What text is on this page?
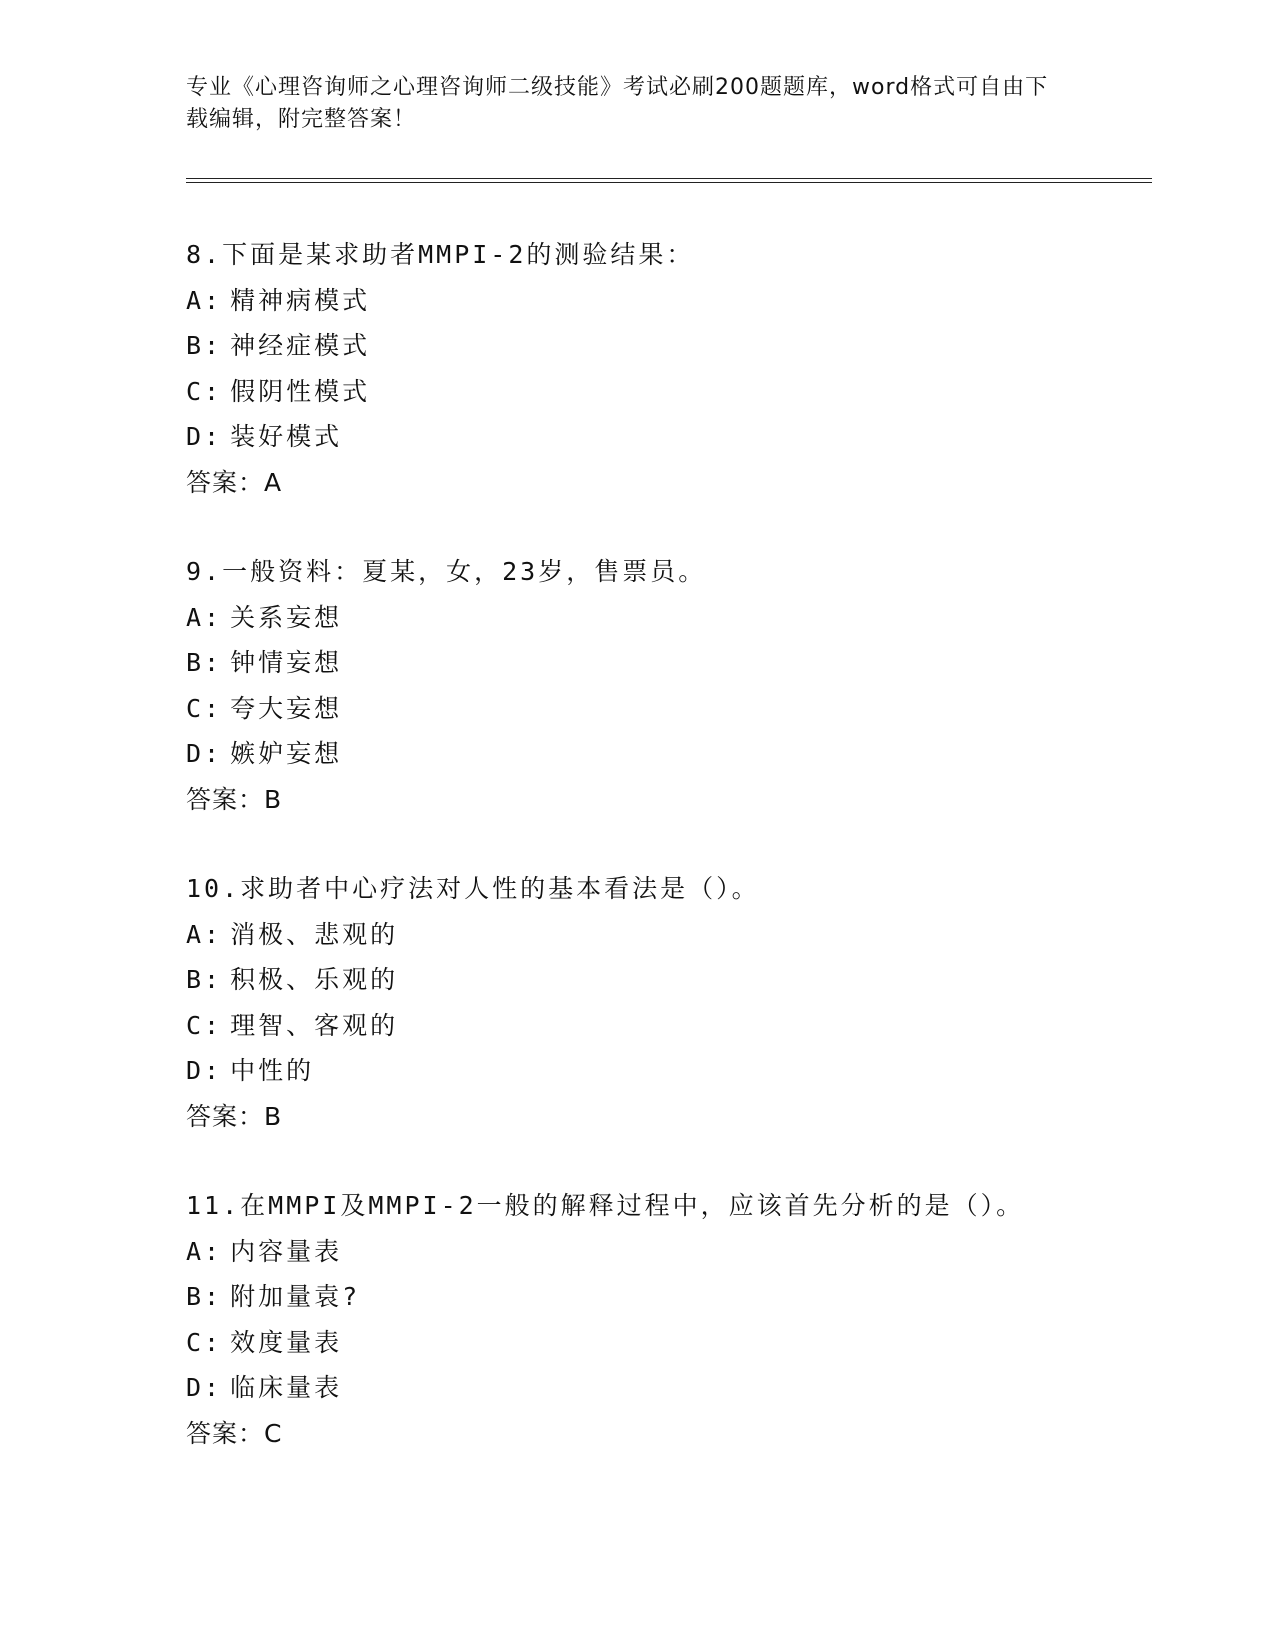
专业《心理咨询师之心理咨询师二级技能》考试必刷200题题库，word格式可自由下载编辑，附完整答案！

8.下面是某求助者MMPI-2的测验结果：

A: 精神病模式

B: 神经症模式

C: 假阴性模式

D: 装好模式

答案：A

9.一般资料：夏某，女，23岁，售票员。

A: 关系妄想

B: 钟情妄想

C: 夸大妄想

D: 嫉妒妄想

答案：B

10.求助者中心疗法对人性的基本看法是（）。

A: 消极、悲观的

B: 积极、乐观的

C: 理智、客观的

D: 中性的

答案：B

11.在MMPI及MMPI-2一般的解释过程中，应该首先分析的是（）。

A: 内容量表

B: 附加量袁?

C: 效度量表

D: 临床量表

答案：C
